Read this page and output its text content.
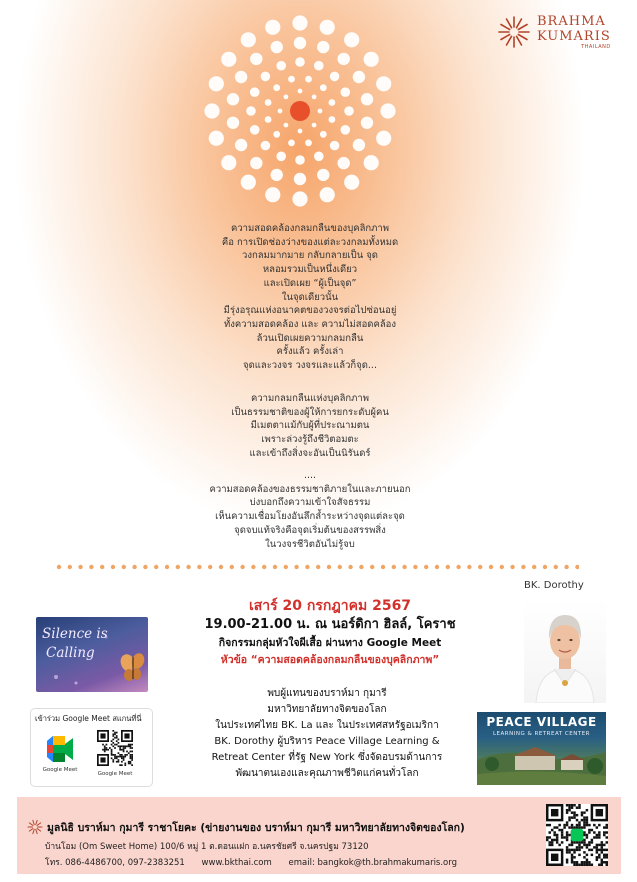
BRAHMA
KUMARIS
THAILAND
ความสอดคล้องกลมกลืนของบุคลิกภาพ
คือ การเปิดช่องว่างของแต่ละวงกลมทั้งหมด
วงกลมมากมาย กลับกลายเป็น จุด
หลอมรวมเป็นหนึ่งเดียว
และเปิดเผย “ผู้เป็นจุด”
ในจุดเดียวนั้น
มีรุ่งอรุณแห่งอนาคตของวงจรต่อไปซ่อนอยู่
ทั้งความสอดคล้อง และ ความไม่สอดคล้อง
ล้วนเปิดเผยความกลมกลืน
ครั้งแล้ว ครั้งเล่า
จุดและวงจร วงจรและแล้วก็จุด...
ความกลมกลืนแห่งบุคลิกภาพ
เป็นธรรมชาติของผู้ให้การยกระดับผู้คน
มีเมตตาแม้กับผู้ที่ประณามตน
เพราะล่วงรู้ถึงชีวิตอมตะ
และเข้าถึงสิ่งจะอันเป็นนิรันดร์
....
ความสอดคล้องของธรรมชาติภายในและภายนอก
บ่งบอกถึงความเข้าใจสัจธรรม
เห็นความเชื่อมโยงอันลึกล้ำระหว่างจุดแต่ละจุด
จุดจบแท้จริงคือจุดเริ่มต้นของสรรพสิ่ง
ในวงจรชีวิตอันไม่รู้จบ
เสาร์ 20 กรกฎาคม 2567
19.00-21.00 น. ณ นอร์ดิกา ฮิลล์, โคราช
กิจกรรมกลุ่มหัวใจผีเสื้อ ผ่านทาง Google Meet
หัวข้อ “ความสอดคล้องกลมกลืนของบุคลิกภาพ”
พบผู้แทนของบราห์มา กุมารี
มหาวิทยาลัยทางจิตของโลก
ในประเทศไทย BK. La และ ในประเทศสหรัฐอเมริกา
BK. Dorothy ผู้บริหาร Peace Village Learning &
Retreat Center ที่รัฐ New York ซึ่งจัดอบรมด้านการ
พัฒนาตนเองและคุณภาพชีวิตแก่คนทั่วโลก
Silence is
Calling
เข้าร่วม Google Meet สแกนที่นี่
Google Meet
Google Meet
BK. Dorothy
PEACE VILLAGE
LEARNING & RETREAT CENTER
มูลนิธิ บราห์มา กุมารี ราชาโยคะ (ข่ายงานของ บราห์มา กุมารี มหาวิทยาลัยทางจิตของโลก)
บ้านโอม (Om Sweet Home) 100/6 หมู่ 1 ต.ดอนแฝก อ.นครชัยศรี จ.นครปฐม 73120
โทร. 086-4486700, 097-2383251 www.bkthai.com email: bangkok@th.brahmakumaris.org
